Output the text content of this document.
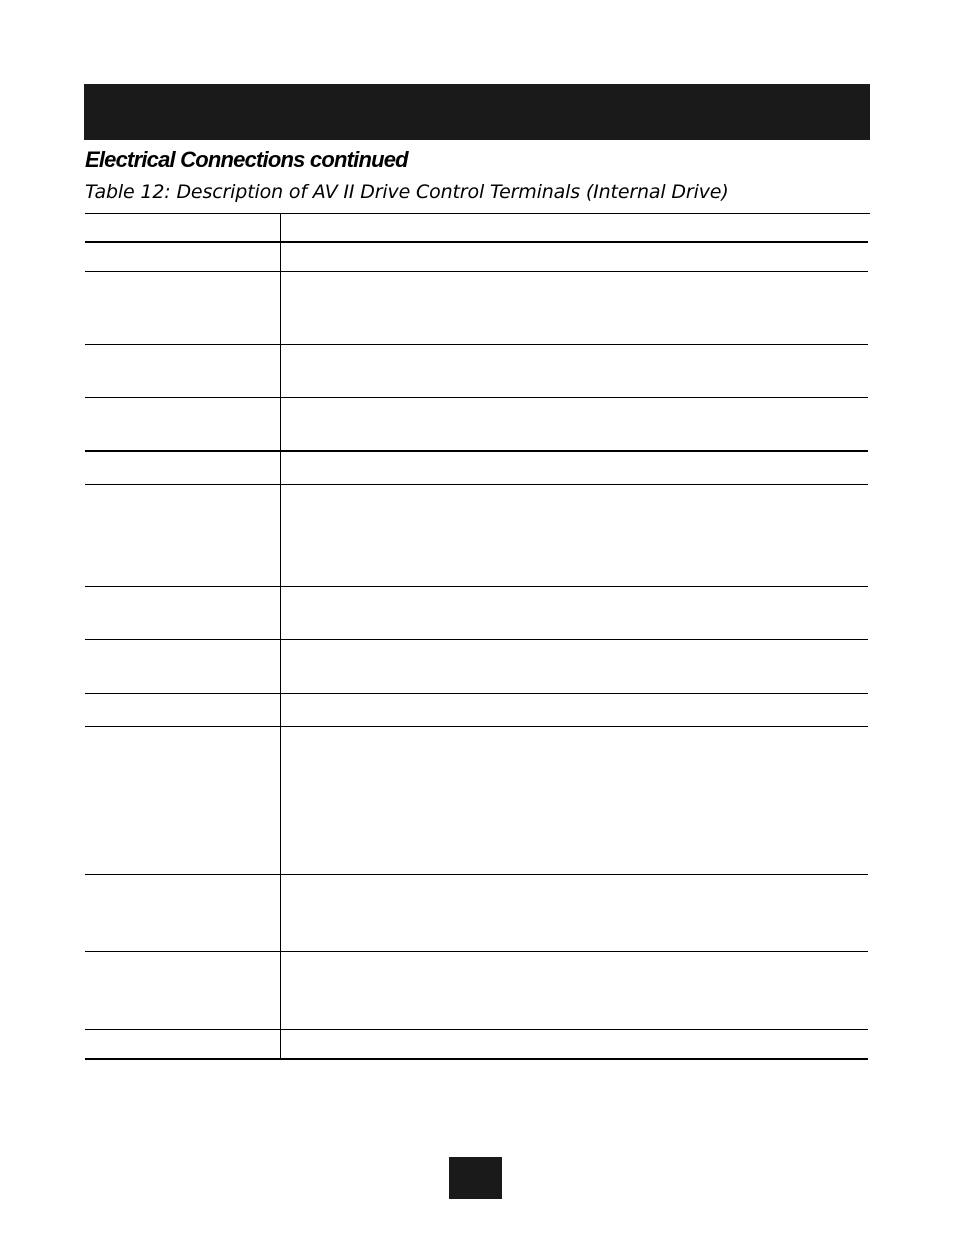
Electrical Connections continued
Table 12: Description of AV II Drive Control Terminals (Internal Drive)
